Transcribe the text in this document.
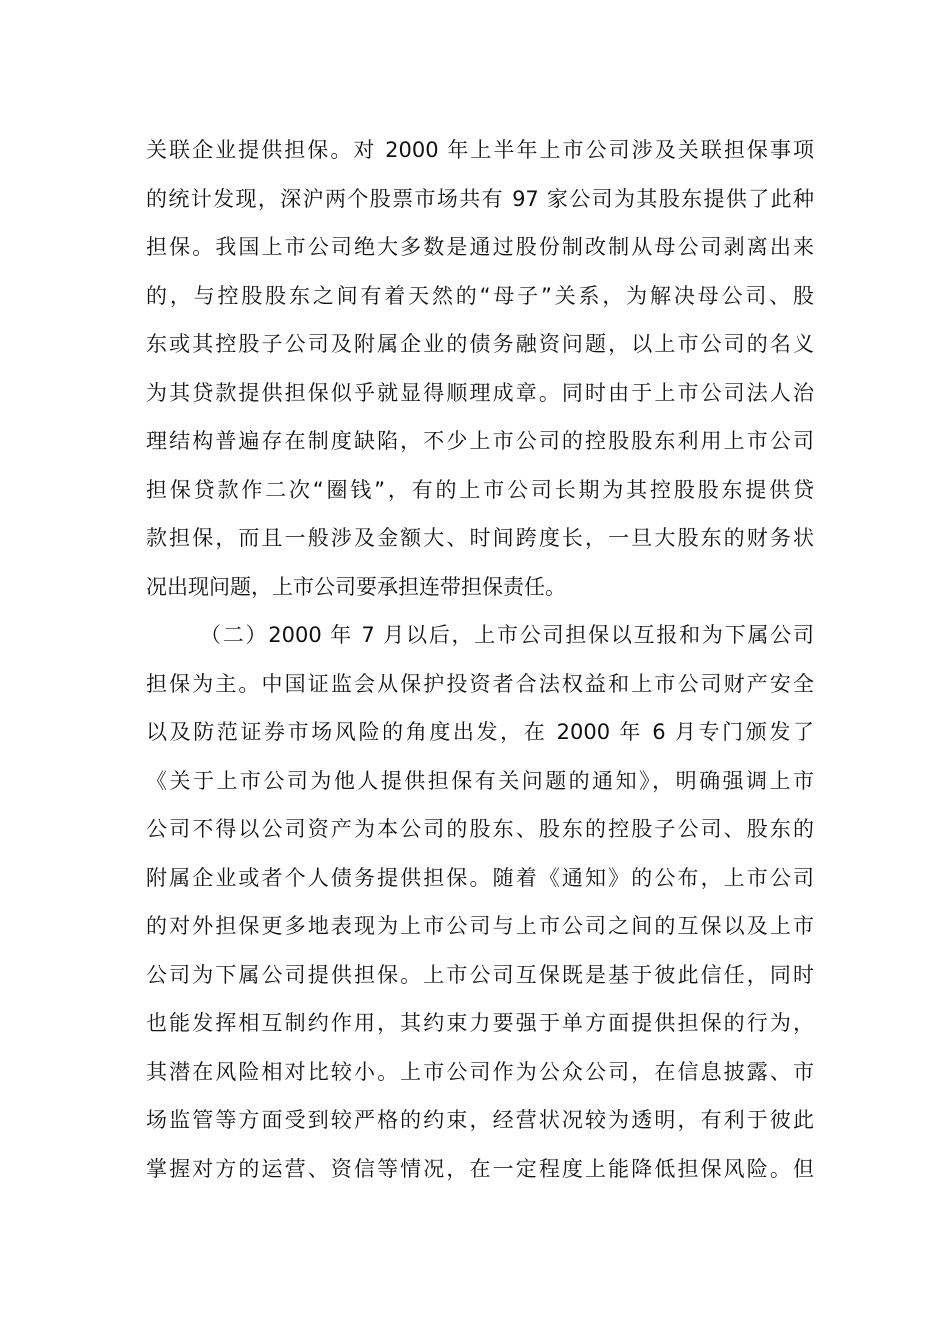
关联企业提供担保。对 2000 年上半年上市公司涉及关联担保事项
的统计发现，深沪两个股票市场共有 97 家公司为其股东提供了此种
担保。我国上市公司绝大多数是通过股份制改制从母公司剥离出来
的，与控股股东之间有着天然的“母子”关系，为解决母公司、股
东或其控股子公司及附属企业的债务融资问题，以上市公司的名义
为其贷款提供担保似乎就显得顺理成章。同时由于上市公司法人治
理结构普遍存在制度缺陷，不少上市公司的控股股东利用上市公司
担保贷款作二次“圈钱”，有的上市公司长期为其控股股东提供贷
款担保，而且一般涉及金额大、时间跨度长，一旦大股东的财务状
况出现问题，上市公司要承担连带担保责任。
（二）2000 年 7 月以后，上市公司担保以互报和为下属公司
担保为主。中国证监会从保护投资者合法权益和上市公司财产安全
以及防范证券市场风险的角度出发，在 2000 年 6 月专门颁发了
《关于上市公司为他人提供担保有关问题的通知》，明确强调上市
公司不得以公司资产为本公司的股东、股东的控股子公司、股东的
附属企业或者个人债务提供担保。随着《通知》的公布，上市公司
的对外担保更多地表现为上市公司与上市公司之间的互保以及上市
公司为下属公司提供担保。上市公司互保既是基于彼此信任，同时
也能发挥相互制约作用，其约束力要强于单方面提供担保的行为，
其潜在风险相对比较小。上市公司作为公众公司，在信息披露、市
场监管等方面受到较严格的约束，经营状况较为透明，有利于彼此
掌握对方的运营、资信等情况，在一定程度上能降低担保风险。但
